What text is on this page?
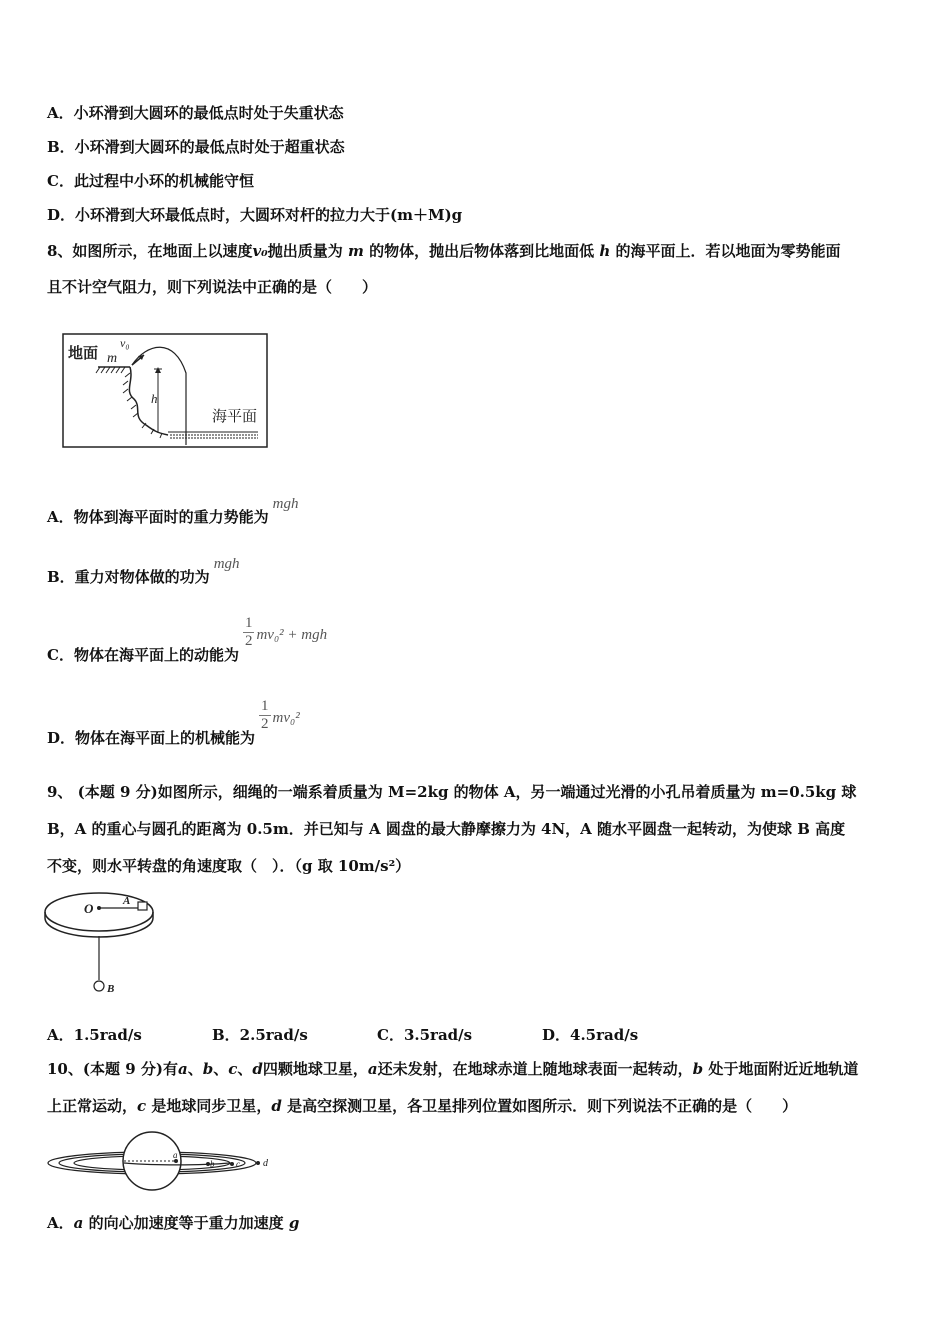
A．小环滑到大圆环的最低点时处于失重状态
B．小环滑到大圆环的最低点时处于超重状态
C．此过程中小环的机械能守恒
D．小环滑到大环最低点时，大圆环对杆的拉力大于(m＋M)g
8、如图所示，在地面上以速度v₀抛出质量为 m 的物体，抛出后物体落到比地面低 h 的海平面上．若以地面为零势能面
且不计空气阻力，则下列说法中正确的是（　　）
地面 m
v₀
h
海平面
A．物体到海平面时的重力势能为mgh
B．重力对物体做的功为mgh
C．物体在海平面上的动能为
$\frac{1}{2} mv_0^2$ + mgh
D．物体在海平面上的机械能为
$\frac{1}{2} mv_0^2$
9、 (本题 9 分)如图所示，细绳的一端系着质量为 M=2kg 的物体 A，另一端通过光滑的小孔吊着质量为 m=0.5kg 球
B，A 的重心与圆孔的距离为 0.5m．并已知与 A 圆盘的最大静摩擦力为 4N，A 随水平圆盘一起转动，为使球 B 高度
不变，则水平转盘的角速度取（　）．（g 取 10m/s²）
O	A
B
A．1.5rad/s	B．2.5rad/s	C．3.5rad/s	D．4.5rad/s
10、(本题 9 分)有a、b、c、d四颗地球卫星，a还未发射，在地球赤道上随地球表面一起转动，b 处于地面附近近地轨道
上正常运动，c 是地球同步卫星，d 是高空探测卫星，各卫星排列位置如图所示．则下列说法不正确的是（　　）
a
b c d
A．a 的向心加速度等于重力加速度 g
